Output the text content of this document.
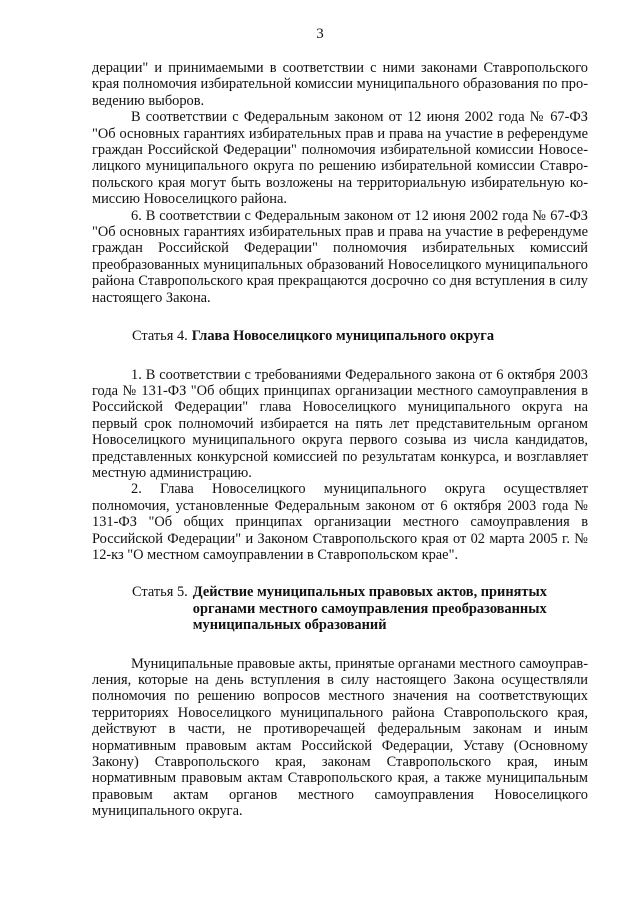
3

дерации" и принимаемыми в соответствии с ними законами Ставропольского края полномочия избирательной комиссии муниципального образования по проведению выборов.

В соответствии с Федеральным законом от 12 июня 2002 года № 67-ФЗ "Об основных гарантиях избирательных прав и права на участие в референдуме граждан Российской Федерации" полномочия избирательной комиссии Новоселицкого муниципального округа по решению избирательной комиссии Ставропольского края могут быть возложены на территориальную избирательную комиссию Новоселицкого района.

6. В соответствии с Федеральным законом от 12 июня 2002 года № 67-ФЗ "Об основных гарантиях избирательных прав и права на участие в референдуме граждан Российской Федерации" полномочия избирательных комиссий преобразованных муниципальных образований Новоселицкого муниципального района Ставропольского края прекращаются досрочно со дня вступления в силу настоящего Закона.

Статья 4. Глава Новоселицкого муниципального округа

1. В соответствии с требованиями Федерального закона от 6 октября 2003 года № 131-ФЗ "Об общих принципах организации местного самоуправления в Российской Федерации" глава Новоселицкого муниципального округа на первый срок полномочий избирается на пять лет представительным органом Новоселицкого муниципального округа первого созыва из числа кандидатов, представленных конкурсной комиссией по результатам конкурса, и возглавляет местную администрацию.

2. Глава Новоселицкого муниципального округа осуществляет полномочия, установленные Федеральным законом от 6 октября 2003 года № 131-ФЗ "Об общих принципах организации местного самоуправления в Российской Федерации" и Законом Ставропольского края от 02 марта 2005 г. № 12-кз "О местном самоуправлении в Ставропольском крае".

Статья 5. Действие муниципальных правовых актов, принятых органами местного самоуправления преобразованных муниципальных образований

Муниципальные правовые акты, принятые органами местного самоуправления, которые на день вступления в силу настоящего Закона осуществляли полномочия по решению вопросов местного значения на соответствующих территориях Новоселицкого муниципального района Ставропольского края, действуют в части, не противоречащей федеральным законам и иным нормативным правовым актам Российской Федерации, Уставу (Основному Закону) Ставропольского края, законам Ставропольского края, иным нормативным правовым актам Ставропольского края, а также муниципальным правовым актам органов местного самоуправления Новоселицкого муниципального округа.
